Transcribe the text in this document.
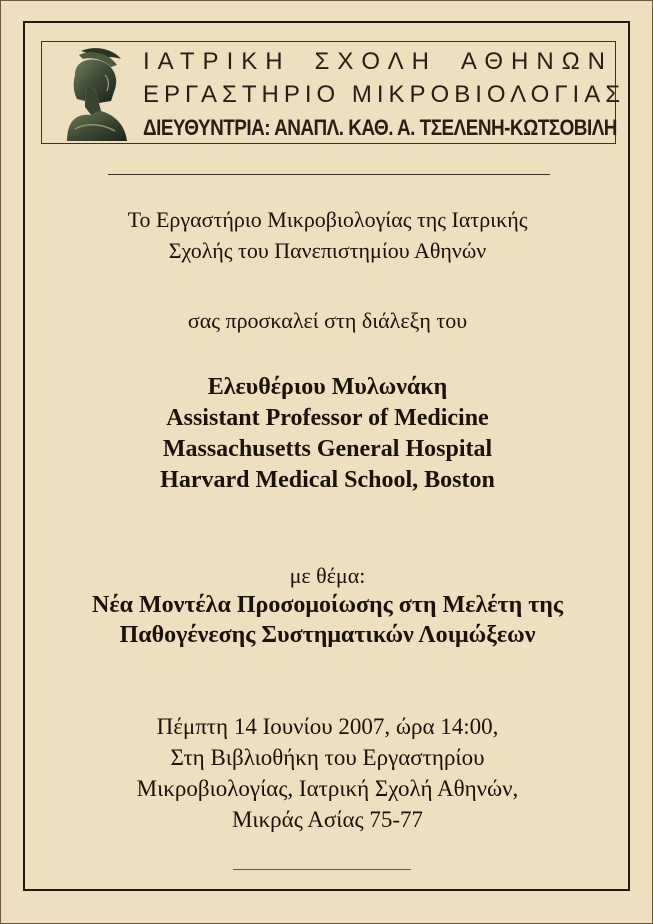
ΙΑΤΡΙΚΗ ΣΧΟΛΗ ΑΘΗΝΩΝ
ΕΡΓΑΣΤΗΡΙΟ ΜΙΚΡΟΒΙΟΛΟΓΙΑΣ
ΔΙΕΥΘΥΝΤΡΙΑ: ΑΝΑΠΛ. ΚΑΘ. Α. ΤΣΕΛΕΝΗ-ΚΩΤΣΟΒΙΛΗ
Το Εργαστήριο Μικροβιολογίας της Ιατρικής
Σχολής του Πανεπιστημίου Αθηνών
σας προσκαλεί στη διάλεξη του
Ελευθέριου Μυλωνάκη
Assistant Professor of Medicine
Massachusetts General Hospital
Harvard Medical School, Boston
με θέμα:
Νέα Μοντέλα Προσομοίωσης στη Μελέτη της
Παθογένεσης Συστηματικών Λοιμώξεων
Πέμπτη 14 Ιουνίου 2007, ώρα 14:00,
Στη Βιβλιοθήκη του Εργαστηρίου
Μικροβιολογίας, Ιατρική Σχολή Αθηνών,
Μικράς Ασίας 75-77
